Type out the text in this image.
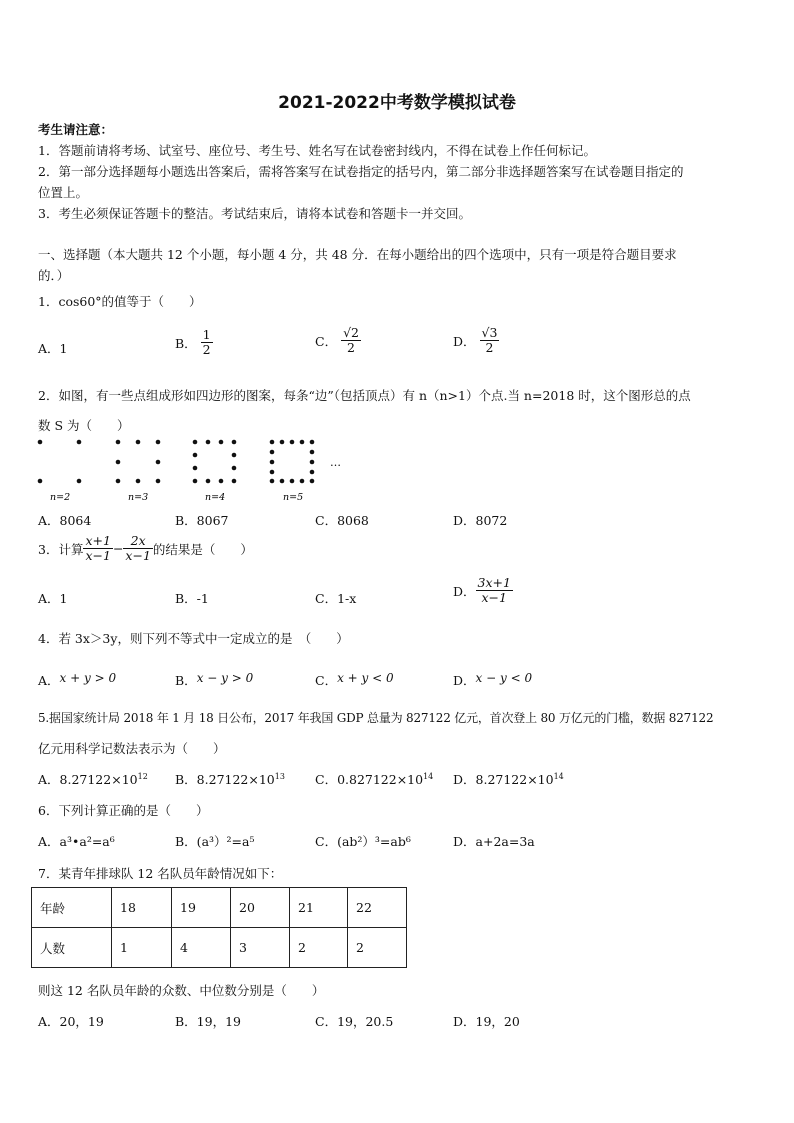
2021-2022中考数学模拟试卷
考生请注意：
1．答题前请将考场、试室号、座位号、考生号、姓名写在试卷密封线内，不得在试卷上作任何标记。
2．第一部分选择题每小题选出答案后，需将答案写在试卷指定的括号内，第二部分非选择题答案写在试卷题目指定的
位置上。
3．考生必须保证答题卡的整洁。考试结束后，请将本试卷和答题卡一并交回。
一、选择题（本大题共 12 个小题，每小题 4 分，共 48 分．在每小题给出的四个选项中，只有一项是符合题目要求
的．）
1．cos60°的值等于（　　）
A．1	B． $\frac{1}{2}$	C． $\frac{√2}{2}$	D． $\frac{√3}{2}$
2．如图，有一些点组成形如四边形的图案，每条“边”（包括顶点）有 n（n>1）个点.当 n=2018 时，这个图形总的点
数 S 为（　　）
…
n=2	n=3	n=4	n=5
A．8064	B．8067	C．8068	D．8072
3．计算 $\frac{x+1}{x-1} - \frac{2x}{x-1}$ 的结果是（　　）
A．1	B．-1	C．1-x	D． $\frac{3x+1}{x-1}$
4．若 3x＞3y，则下列不等式中一定成立的是　（　　）
A．x + y > 0	B．x − y > 0	C．x + y < 0	D．x − y < 0
5.据国家统计局 2018 年 1 月 18 日公布，2017 年我国 GDP 总量为 827122 亿元，首次登上 80 万亿元的门槛，数据 827122
亿元用科学记数法表示为（　　）
A．$8.27122\times 10^{12}$ B．$8.27122\times 10^{13}$ C．$0.827122\times 10^{14}$ D．$8.27122\times 10^{14}$
6．下列计算正确的是（　　）
A．a³•a²=a⁶	B．(a³）²=a⁵	C．(ab²）³=ab⁶	D．a+2a=3a
7．某青年排球队 12 名队员年龄情况如下：
年龄	18	19	20	21	22
人数	1	4	3	2	2
则这 12 名队员年龄的众数、中位数分别是（　　）
A．20，19	B．19，19	C．19，20.5	D．19，20
